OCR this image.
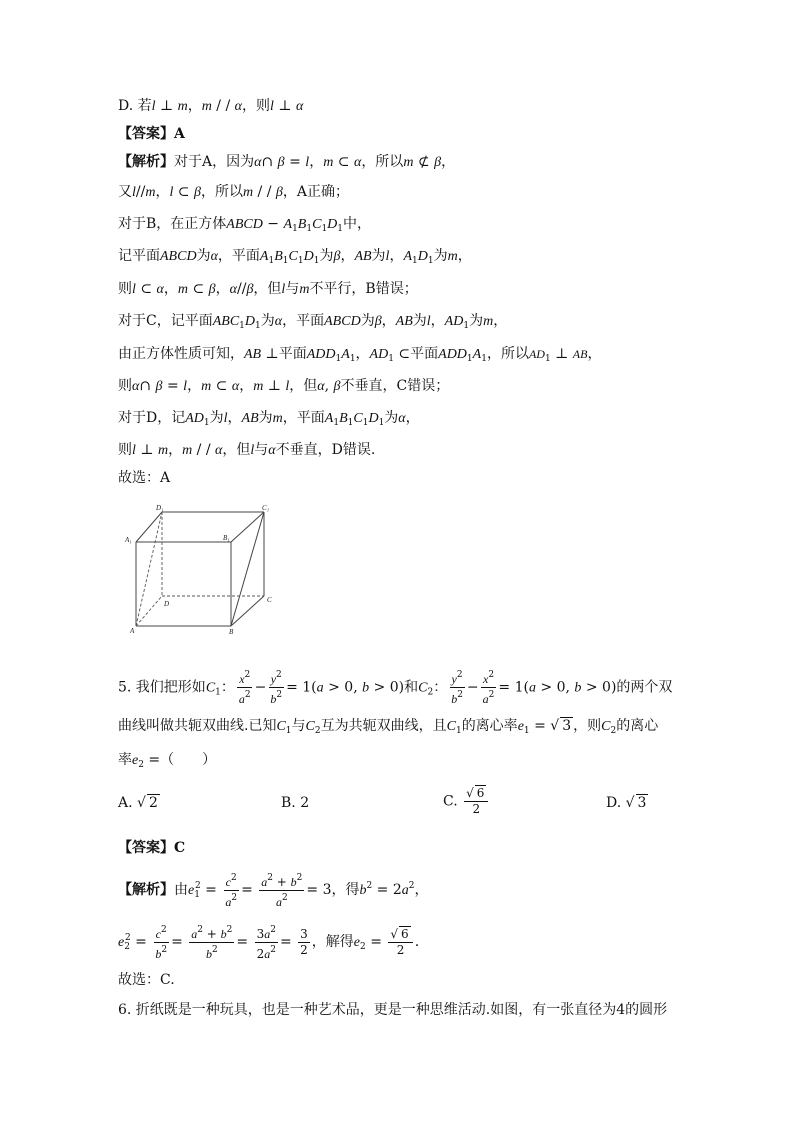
D. 若l ⊥ m，m / / α，则l ⊥ α
【答案】A
【解析】对于A，因为α∩ β = l，m ⊂ α，所以m ⊄ β，
又l//m，l ⊂ β，所以m / / β，A正确；
对于B，在正方体ABCD − $A_1B_1C_1D_1$中，
记平面ABCD为α，平面$A_1B_1C_1D_1$为β，AB为l，$A_1D_1$为m，
则l ⊂ α，m ⊂ β，α//β，但l与m不平行，B错误；
对于C，记平面$ABC_1D_1$为α，平面ABCD为β，AB为l，$AD_1$为m，
由正方体性质可知，AB ⊥平面$ADD_1A_1$，$AD_1$ ⊂平面$ADD_1A_1$，所以$AD_1$ ⊥ AB，
则α∩ β = l，m ⊂ α，m ⊥ l，但α, β不垂直，C错误；
对于D，记$AD_1$为l，AB为m，平面$A_1B_1C_1D_1$为α，
则l ⊥ m，m / / α，但l与α不垂直，D错误.
故选：A
D₁	C₁
A₁	B₁
D	C
A	B
5. 我们把形如$C_1$： $\frac{x^2}{a^2} - \frac{y^2}{b^2} = 1(a > 0$, b > 0)和$C_2$： $\frac{y^2}{b^2} - \frac{x^2}{a^2} = 1(a > 0$, b > 0)的两个双
曲线叫做共轭双曲线.已知$C_1$与$C_2$互为共轭双曲线，且$C_1$的离心率$e_1$ = √ 3 ，则$C_2$的离心
率$e_2$ =（　　）
A. √ 2	B. 2	C. $\frac{√ 6}{2}$	D. √ 3
【答案】C
【解析】由$e_1^2 = \frac{c^2}{a^2} = \frac{a^2 + b^2}{a^2} = 3$，得$b^2 = 2a^2$，
$e_2^2 = \frac{c^2}{b^2} = \frac{a^2 + b^2}{b^2} = \frac{3a^2}{2a^2} = \frac{3}{2}$ ，解得$e_2 = \frac{√ 6}{2}$ .
故选：C.
6. 折纸既是一种玩具，也是一种艺术品，更是一种思维活动.如图，有一张直径为4的圆形
